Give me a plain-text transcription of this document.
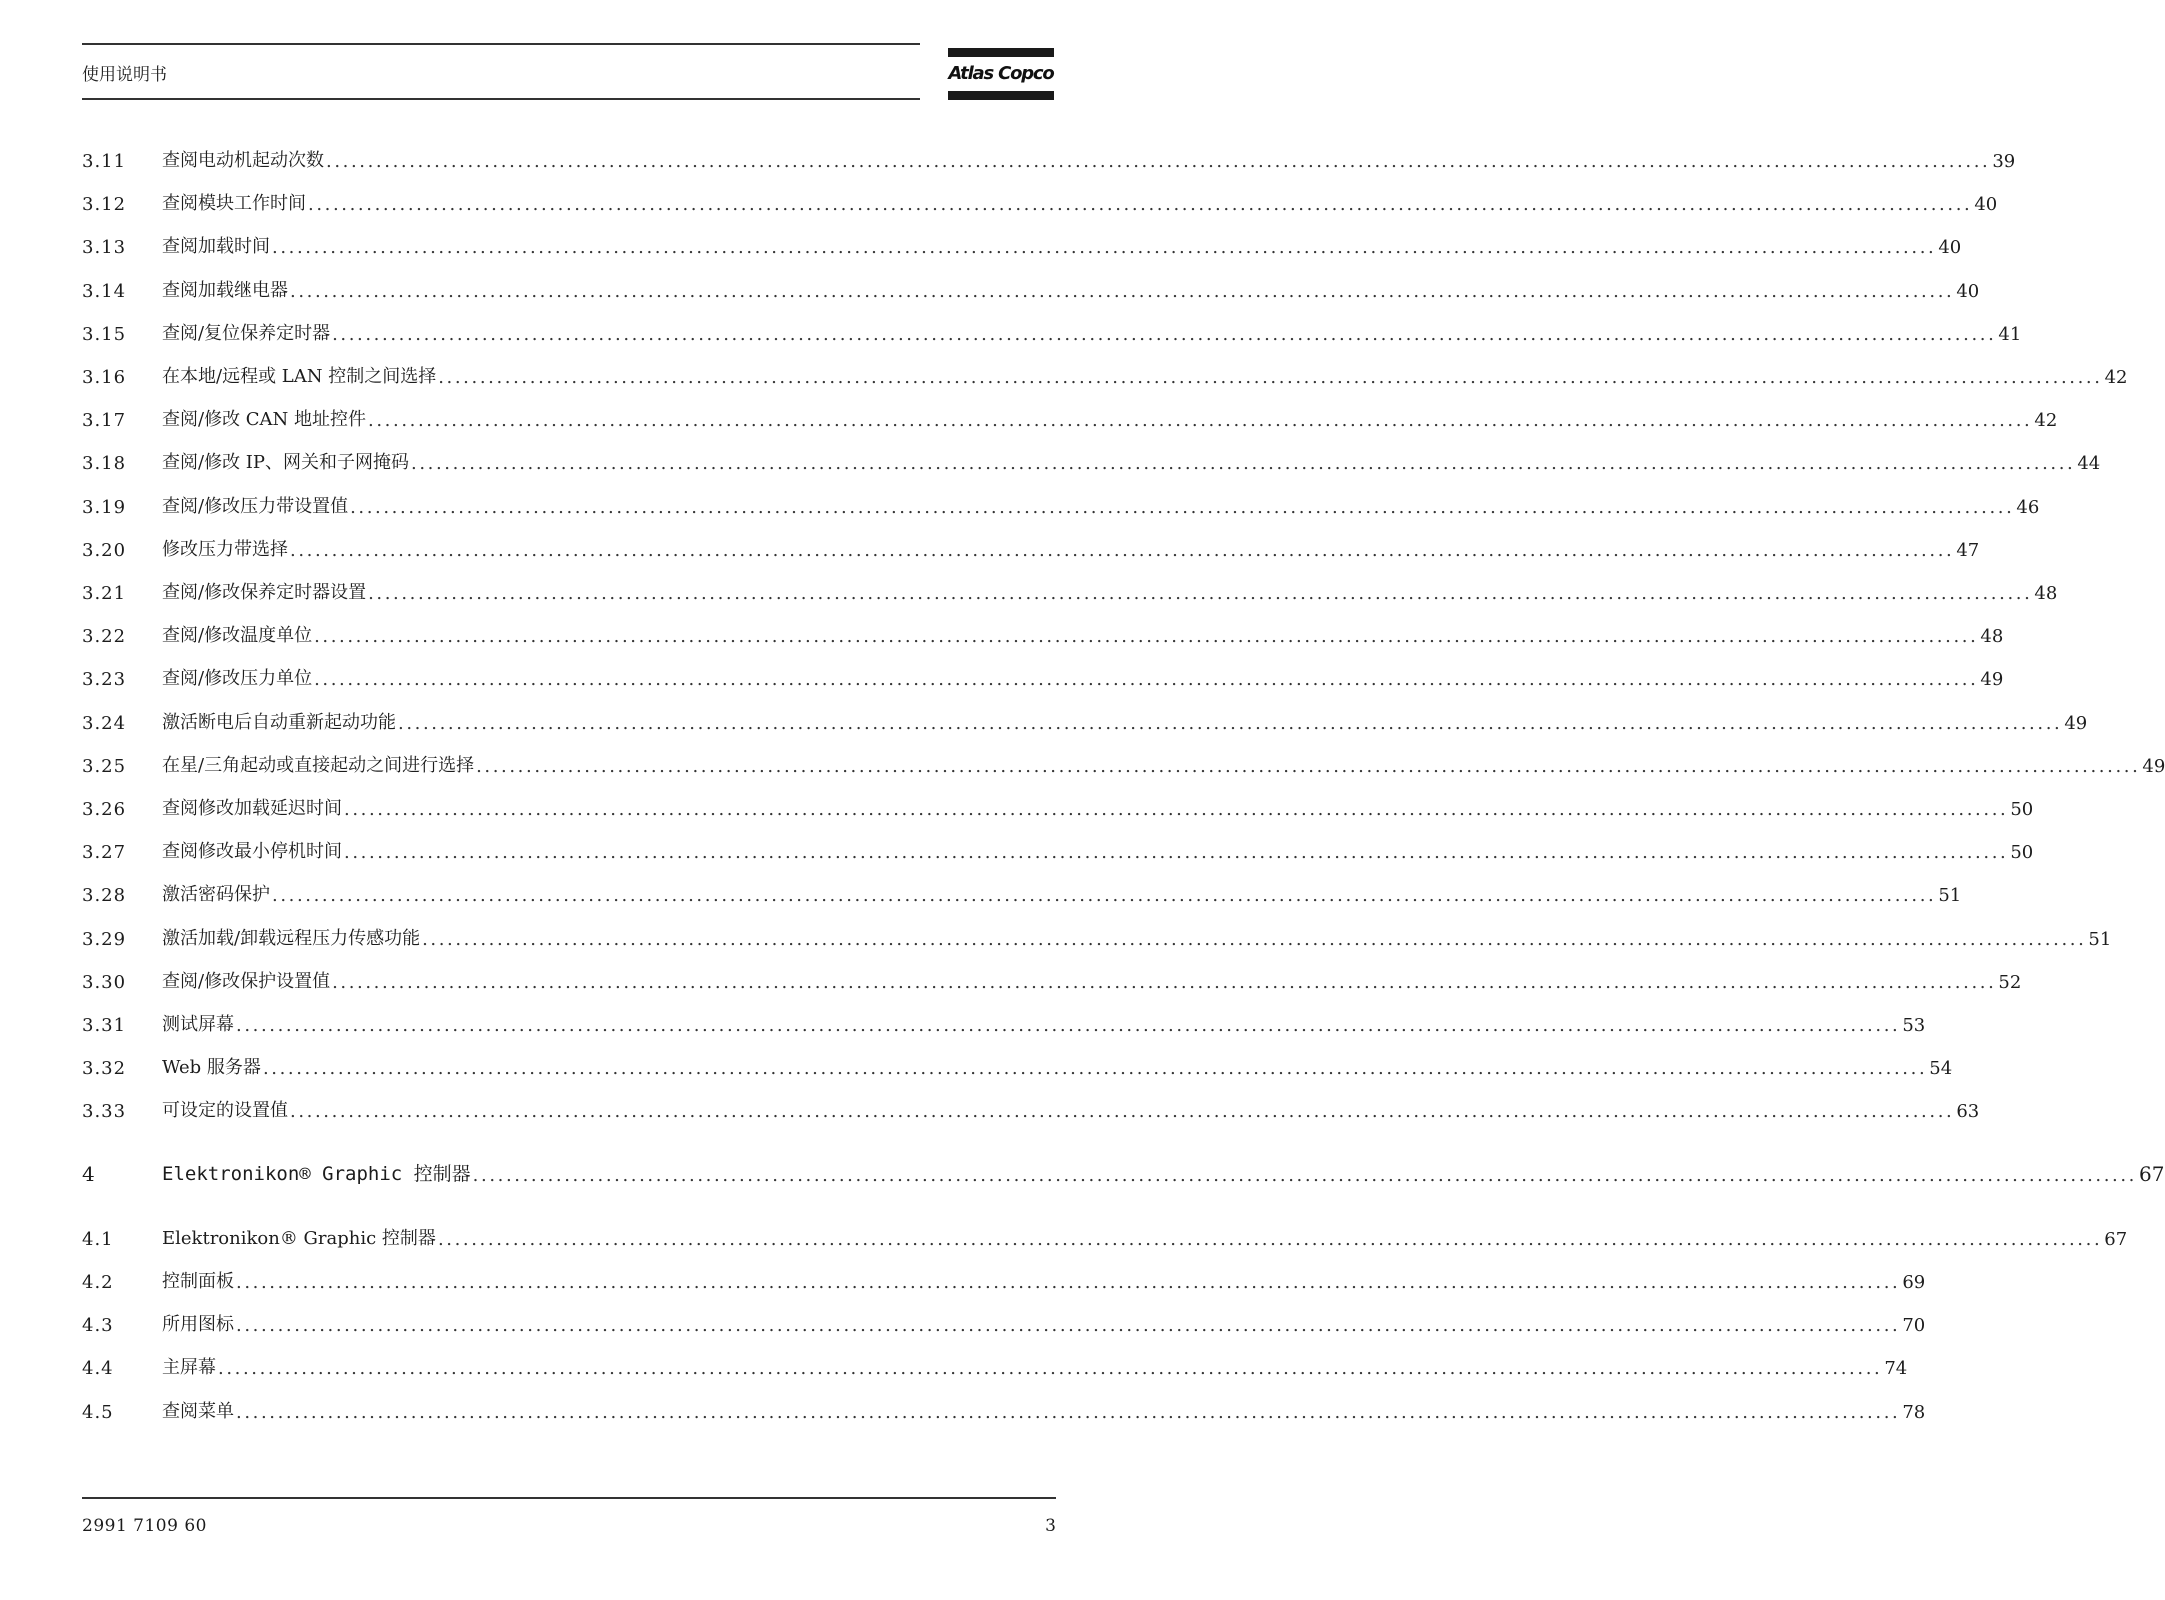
使用说明书	Atlas Copco
3.11	查阅电动机起动次数 ........................................................................................................................................................................................................ 39
3.12	查阅模块工作时间 ........................................................................................................................................................................................................ 40
3.13	查阅加载时间 ........................................................................................................................................................................................................ 40
3.14	查阅加载继电器 ........................................................................................................................................................................................................ 40
3.15	查阅/复位保养定时器 ........................................................................................................................................................................................................ 41
3.16	在本地/远程或 LAN 控制之间选择 ........................................................................................................................................................................................................ 42
3.17	查阅/修改 CAN 地址控件 ........................................................................................................................................................................................................ 42
3.18	查阅/修改 IP、网关和子网掩码 ........................................................................................................................................................................................................ 44
3.19	查阅/修改压力带设置值 ........................................................................................................................................................................................................ 46
3.20	修改压力带选择 ........................................................................................................................................................................................................ 47
3.21	查阅/修改保养定时器设置 ........................................................................................................................................................................................................ 48
3.22	查阅/修改温度单位 ........................................................................................................................................................................................................ 48
3.23	查阅/修改压力单位 ........................................................................................................................................................................................................ 49
3.24	激活断电后自动重新起动功能 ........................................................................................................................................................................................................ 49
3.25	在星/三角起动或直接起动之间进行选择 ........................................................................................................................................................................................................ 49
3.26	查阅修改加载延迟时间 ........................................................................................................................................................................................................ 50
3.27	查阅修改最小停机时间 ........................................................................................................................................................................................................ 50
3.28	激活密码保护 ........................................................................................................................................................................................................ 51
3.29	激活加载/卸载远程压力传感功能 ........................................................................................................................................................................................................ 51
3.30	查阅/修改保护设置值 ........................................................................................................................................................................................................ 52
3.31	测试屏幕 ........................................................................................................................................................................................................ 53
3.32	Web 服务器 ........................................................................................................................................................................................................ 54
3.33	可设定的设置值 ........................................................................................................................................................................................................ 63
4	Elektronikon® Graphic 控制器 ........................................................................................................................................................................................................ 67
4.1	Elektronikon® Graphic 控制器 ........................................................................................................................................................................................................ 67
4.2	控制面板 ........................................................................................................................................................................................................ 69
4.3	所用图标 ........................................................................................................................................................................................................ 70
4.4	主屏幕 ........................................................................................................................................................................................................ 74
4.5	查阅菜单 ........................................................................................................................................................................................................ 78
2991 7109 60	3
